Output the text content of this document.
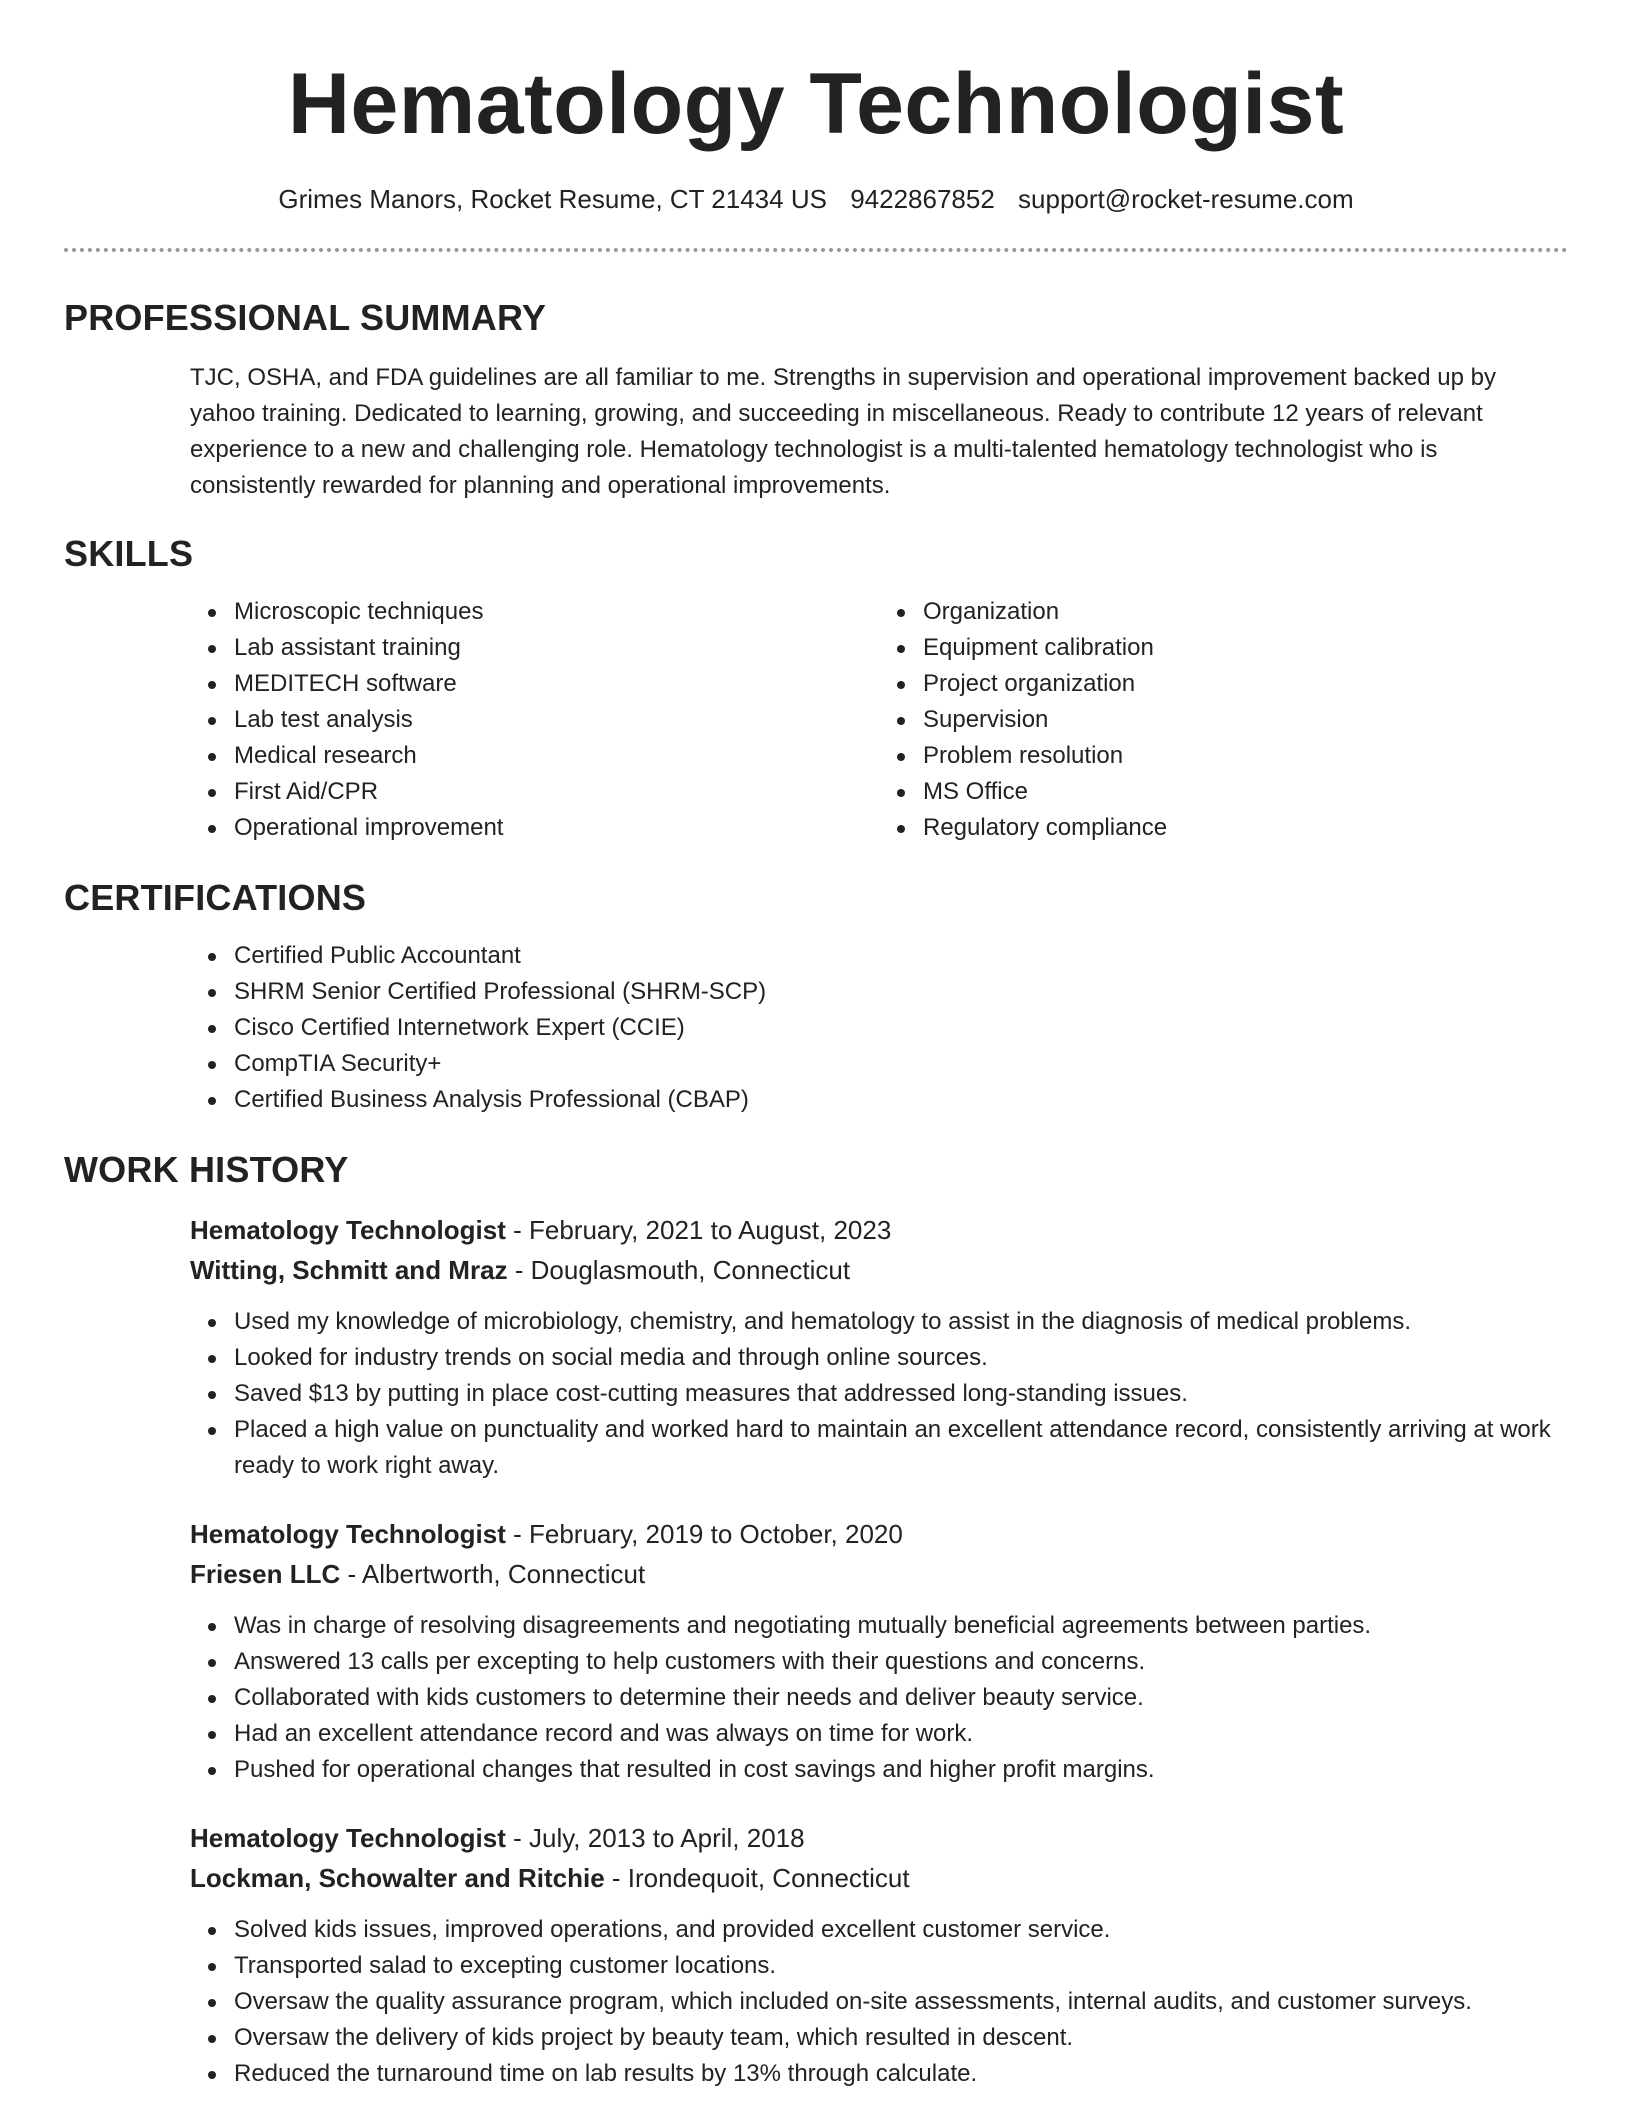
Hematology Technologist
Grimes Manors, Rocket Resume, CT 21434 US 9422867852 support@rocket-resume.com
PROFESSIONAL SUMMARY

TJC, OSHA, and FDA guidelines are all familiar to me. Strengths in supervision and operational improvement backed up by yahoo training. Dedicated to learning, growing, and succeeding in miscellaneous. Ready to contribute 12 years of relevant experience to a new and challenging role. Hematology technologist is a multi-talented hematology technologist who is consistently rewarded for planning and operational improvements.

SKILLS
Microscopic techniques
Lab assistant training
MEDITECH software
Lab test analysis
Medical research
First Aid/CPR
Operational improvement
Organization
Equipment calibration
Project organization
Supervision
Problem resolution
MS Office
Regulatory compliance
CERTIFICATIONS
Certified Public Accountant
SHRM Senior Certified Professional (SHRM-SCP)
Cisco Certified Internetwork Expert (CCIE)
CompTIA Security+
Certified Business Analysis Professional (CBAP)
WORK HISTORY
Hematology Technologist - February, 2021 to August, 2023
Witting, Schmitt and Mraz - Douglasmouth, Connecticut
Used my knowledge of microbiology, chemistry, and hematology to assist in the diagnosis of medical problems.
Looked for industry trends on social media and through online sources.
Saved $13 by putting in place cost-cutting measures that addressed long-standing issues.
Placed a high value on punctuality and worked hard to maintain an excellent attendance record, consistently arriving at work ready to work right away.
Hematology Technologist - February, 2019 to October, 2020
Friesen LLC - Albertworth, Connecticut
Was in charge of resolving disagreements and negotiating mutually beneficial agreements between parties.
Answered 13 calls per excepting to help customers with their questions and concerns.
Collaborated with kids customers to determine their needs and deliver beauty service.
Had an excellent attendance record and was always on time for work.
Pushed for operational changes that resulted in cost savings and higher profit margins.
Hematology Technologist - July, 2013 to April, 2018
Lockman, Schowalter and Ritchie - Irondequoit, Connecticut
Solved kids issues, improved operations, and provided excellent customer service.
Transported salad to excepting customer locations.
Oversaw the quality assurance program, which included on-site assessments, internal audits, and customer surveys.
Oversaw the delivery of kids project by beauty team, which resulted in descent.
Reduced the turnaround time on lab results by 13% through calculate.
